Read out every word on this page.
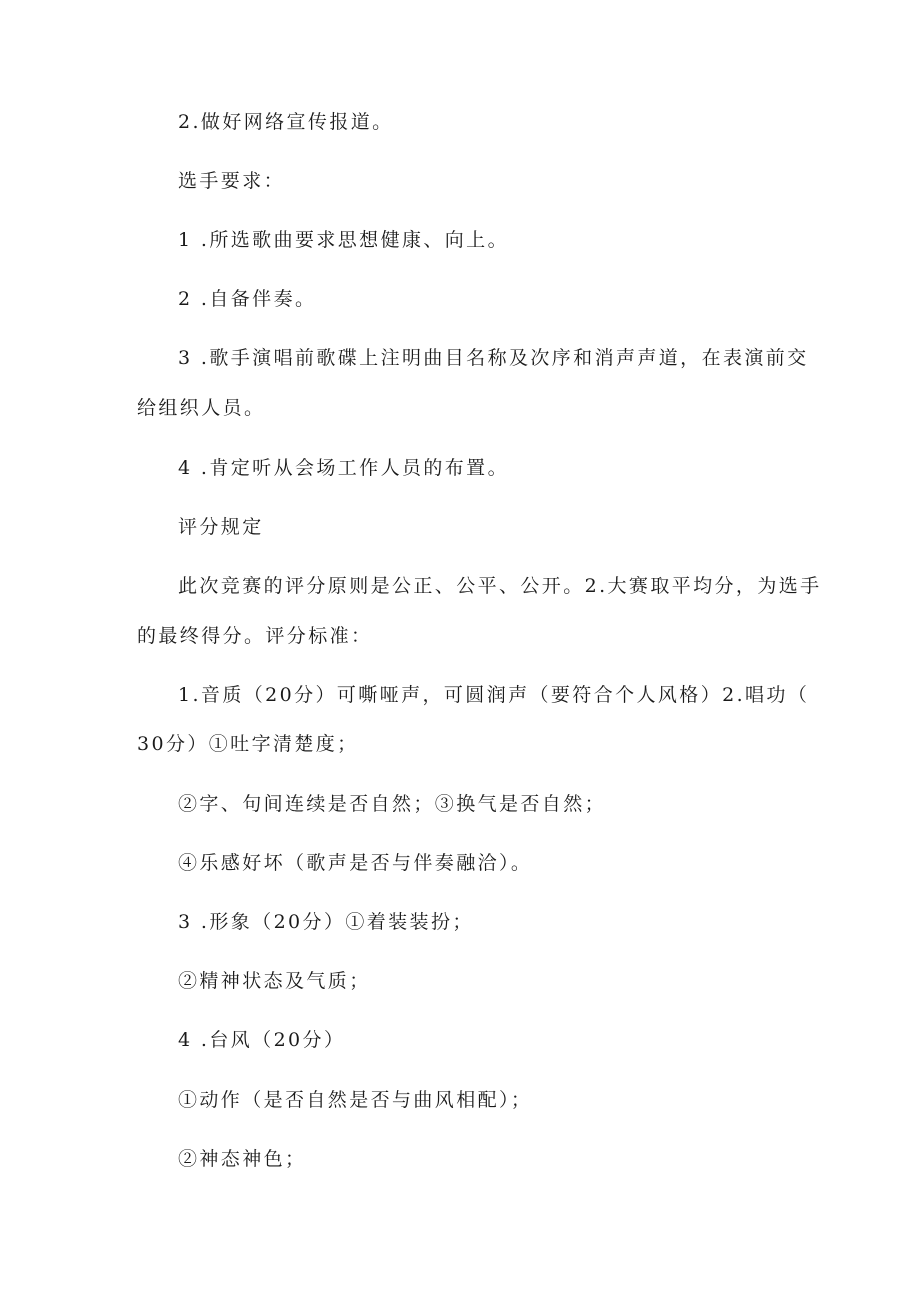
2.做好网络宣传报道。

选手要求：

1 .所选歌曲要求思想健康、向上。

2 .自备伴奏。

3 .歌手演唱前歌碟上注明曲目名称及次序和消声声道，在表演前交

给组织人员。

4 .肯定听从会场工作人员的布置。

评分规定

此次竞赛的评分原则是公正、公平、公开。2.大赛取平均分，为选手

的最终得分。评分标准：

1.音质（20分）可嘶哑声，可圆润声（要符合个人风格）2.唱功（

30分）①吐字清楚度；

②字、句间连续是否自然；③换气是否自然；

④乐感好坏（歌声是否与伴奏融洽）。

3 .形象（20分）①着装装扮；

②精神状态及气质；

4 .台风（20分）

①动作（是否自然是否与曲风相配）；

②神态神色；
